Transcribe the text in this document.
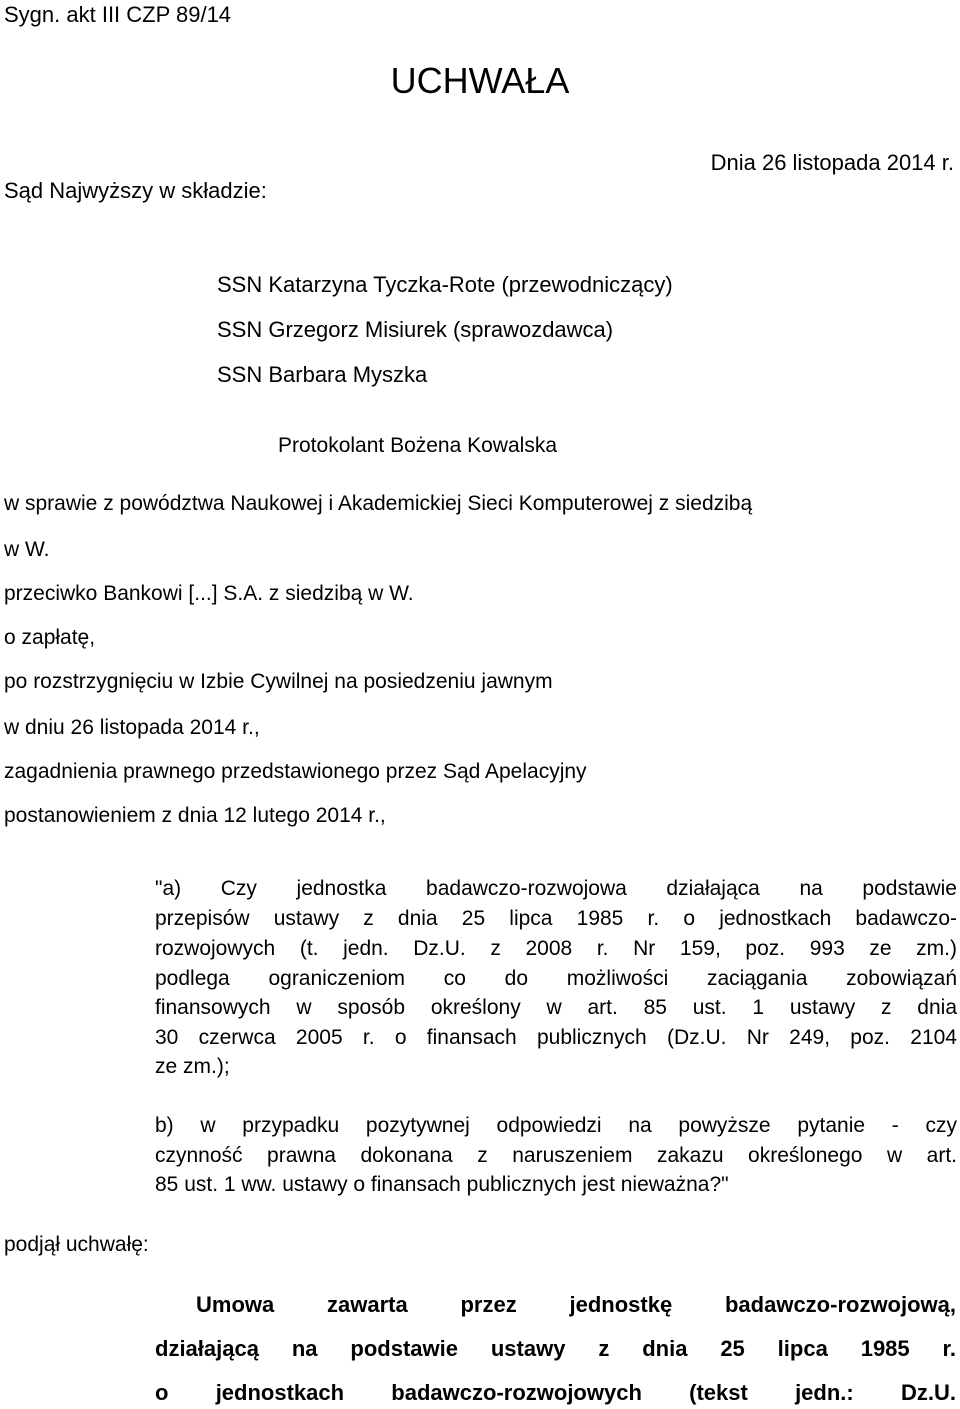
Sygn. akt III CZP 89/14

UCHWAŁA

Dnia 26 listopada 2014 r.

Sąd Najwyższy w składzie:

SSN Katarzyna Tyczka-Rote (przewodniczący)

SSN Grzegorz Misiurek (sprawozdawca)

SSN Barbara Myszka

Protokolant Bożena Kowalska

w sprawie z powództwa Naukowej i Akademickiej Sieci Komputerowej z siedzibą

w W.

przeciwko Bankowi [...] S.A. z siedzibą w W.

o zapłatę,

po rozstrzygnięciu w Izbie Cywilnej na posiedzeniu jawnym

w dniu 26 listopada 2014 r.,

zagadnienia prawnego przedstawionego przez Sąd Apelacyjny

postanowieniem z dnia 12 lutego 2014 r.,

"a) Czy jednostka badawczo-rozwojowa działająca na podstawie
przepisów ustawy z dnia 25 lipca 1985 r. o jednostkach badawczo-
rozwojowych (t. jedn. Dz.U. z 2008 r. Nr 159, poz. 993 ze zm.)
podlega ograniczeniom co do możliwości zaciągania zobowiązań
finansowych w sposób określony w art. 85 ust. 1 ustawy z dnia
30 czerwca 2005 r. o finansach publicznych (Dz.U. Nr 249, poz. 2104
ze zm.);
b) w przypadku pozytywnej odpowiedzi na powyższe pytanie - czy
czynność prawna dokonana z naruszeniem zakazu określonego w art.
85 ust. 1 ww. ustawy o finansach publicznych jest nieważna?"

podjął uchwałę:

Umowa zawarta przez jednostkę badawczo-rozwojową,
działającą na podstawie ustawy z dnia 25 lipca 1985 r.
o jednostkach badawczo-rozwojowych (tekst jedn.: Dz.U.
